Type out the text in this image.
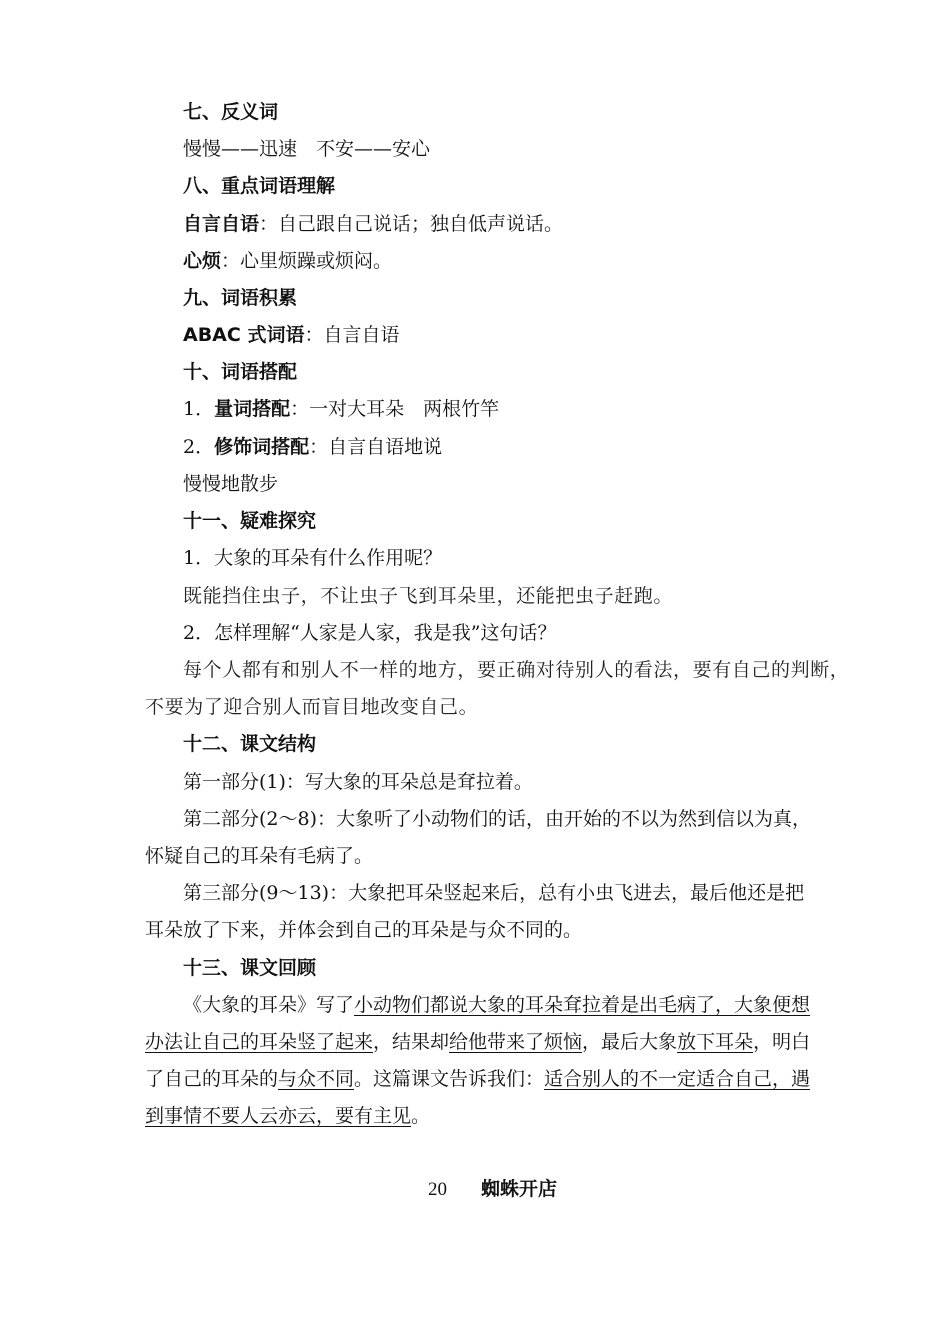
七、反义词
慢慢——迅速　不安——安心
八、重点词语理解
自言自语：自己跟自己说话；独自低声说话。
心烦：心里烦躁或烦闷。
九、词语积累
ABAC 式词语：自言自语
十、词语搭配
1．量词搭配：一对大耳朵　两根竹竿
2．修饰词搭配：自言自语地说
慢慢地散步
十一、疑难探究
1．大象的耳朵有什么作用呢？
既能挡住虫子，不让虫子飞到耳朵里，还能把虫子赶跑。
2．怎样理解“人家是人家，我是我”这句话？
每个人都有和别人不一样的地方，要正确对待别人的看法，要有自己的判断，
不要为了迎合别人而盲目地改变自己。
十二、课文结构
第一部分(1)：写大象的耳朵总是耷拉着。
第二部分(2～8)：大象听了小动物们的话，由开始的不以为然到信以为真，
怀疑自己的耳朵有毛病了。
第三部分(9～13)：大象把耳朵竖起来后，总有小虫飞进去，最后他还是把
耳朵放了下来，并体会到自己的耳朵是与众不同的。
十三、课文回顾
《大象的耳朵》写了小动物们都说大象的耳朵耷拉着是出毛病了，大象便想
办法让自己的耳朵竖了起来，结果却给他带来了烦恼，最后大象放下耳朵，明白
了自己的耳朵的与众不同。这篇课文告诉我们：适合别人的不一定适合自己，遇
到事情不要人云亦云，要有主见。
20 蜘蛛开店
